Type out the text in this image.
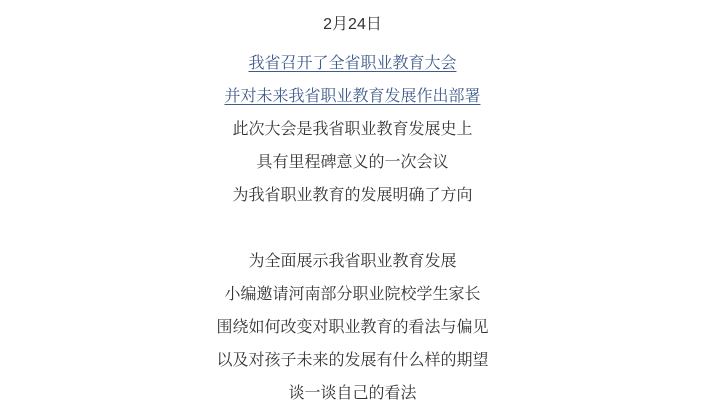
2月24日
我省召开了全省职业教育大会
并对未来我省职业教育发展作出部署
此次大会是我省职业教育发展史上
具有里程碑意义的一次会议
为我省职业教育的发展明确了方向
为全面展示我省职业教育发展
小编邀请河南部分职业院校学生家长
围绕如何改变对职业教育的看法与偏见
以及对孩子未来的发展有什么样的期望
谈一谈自己的看法
